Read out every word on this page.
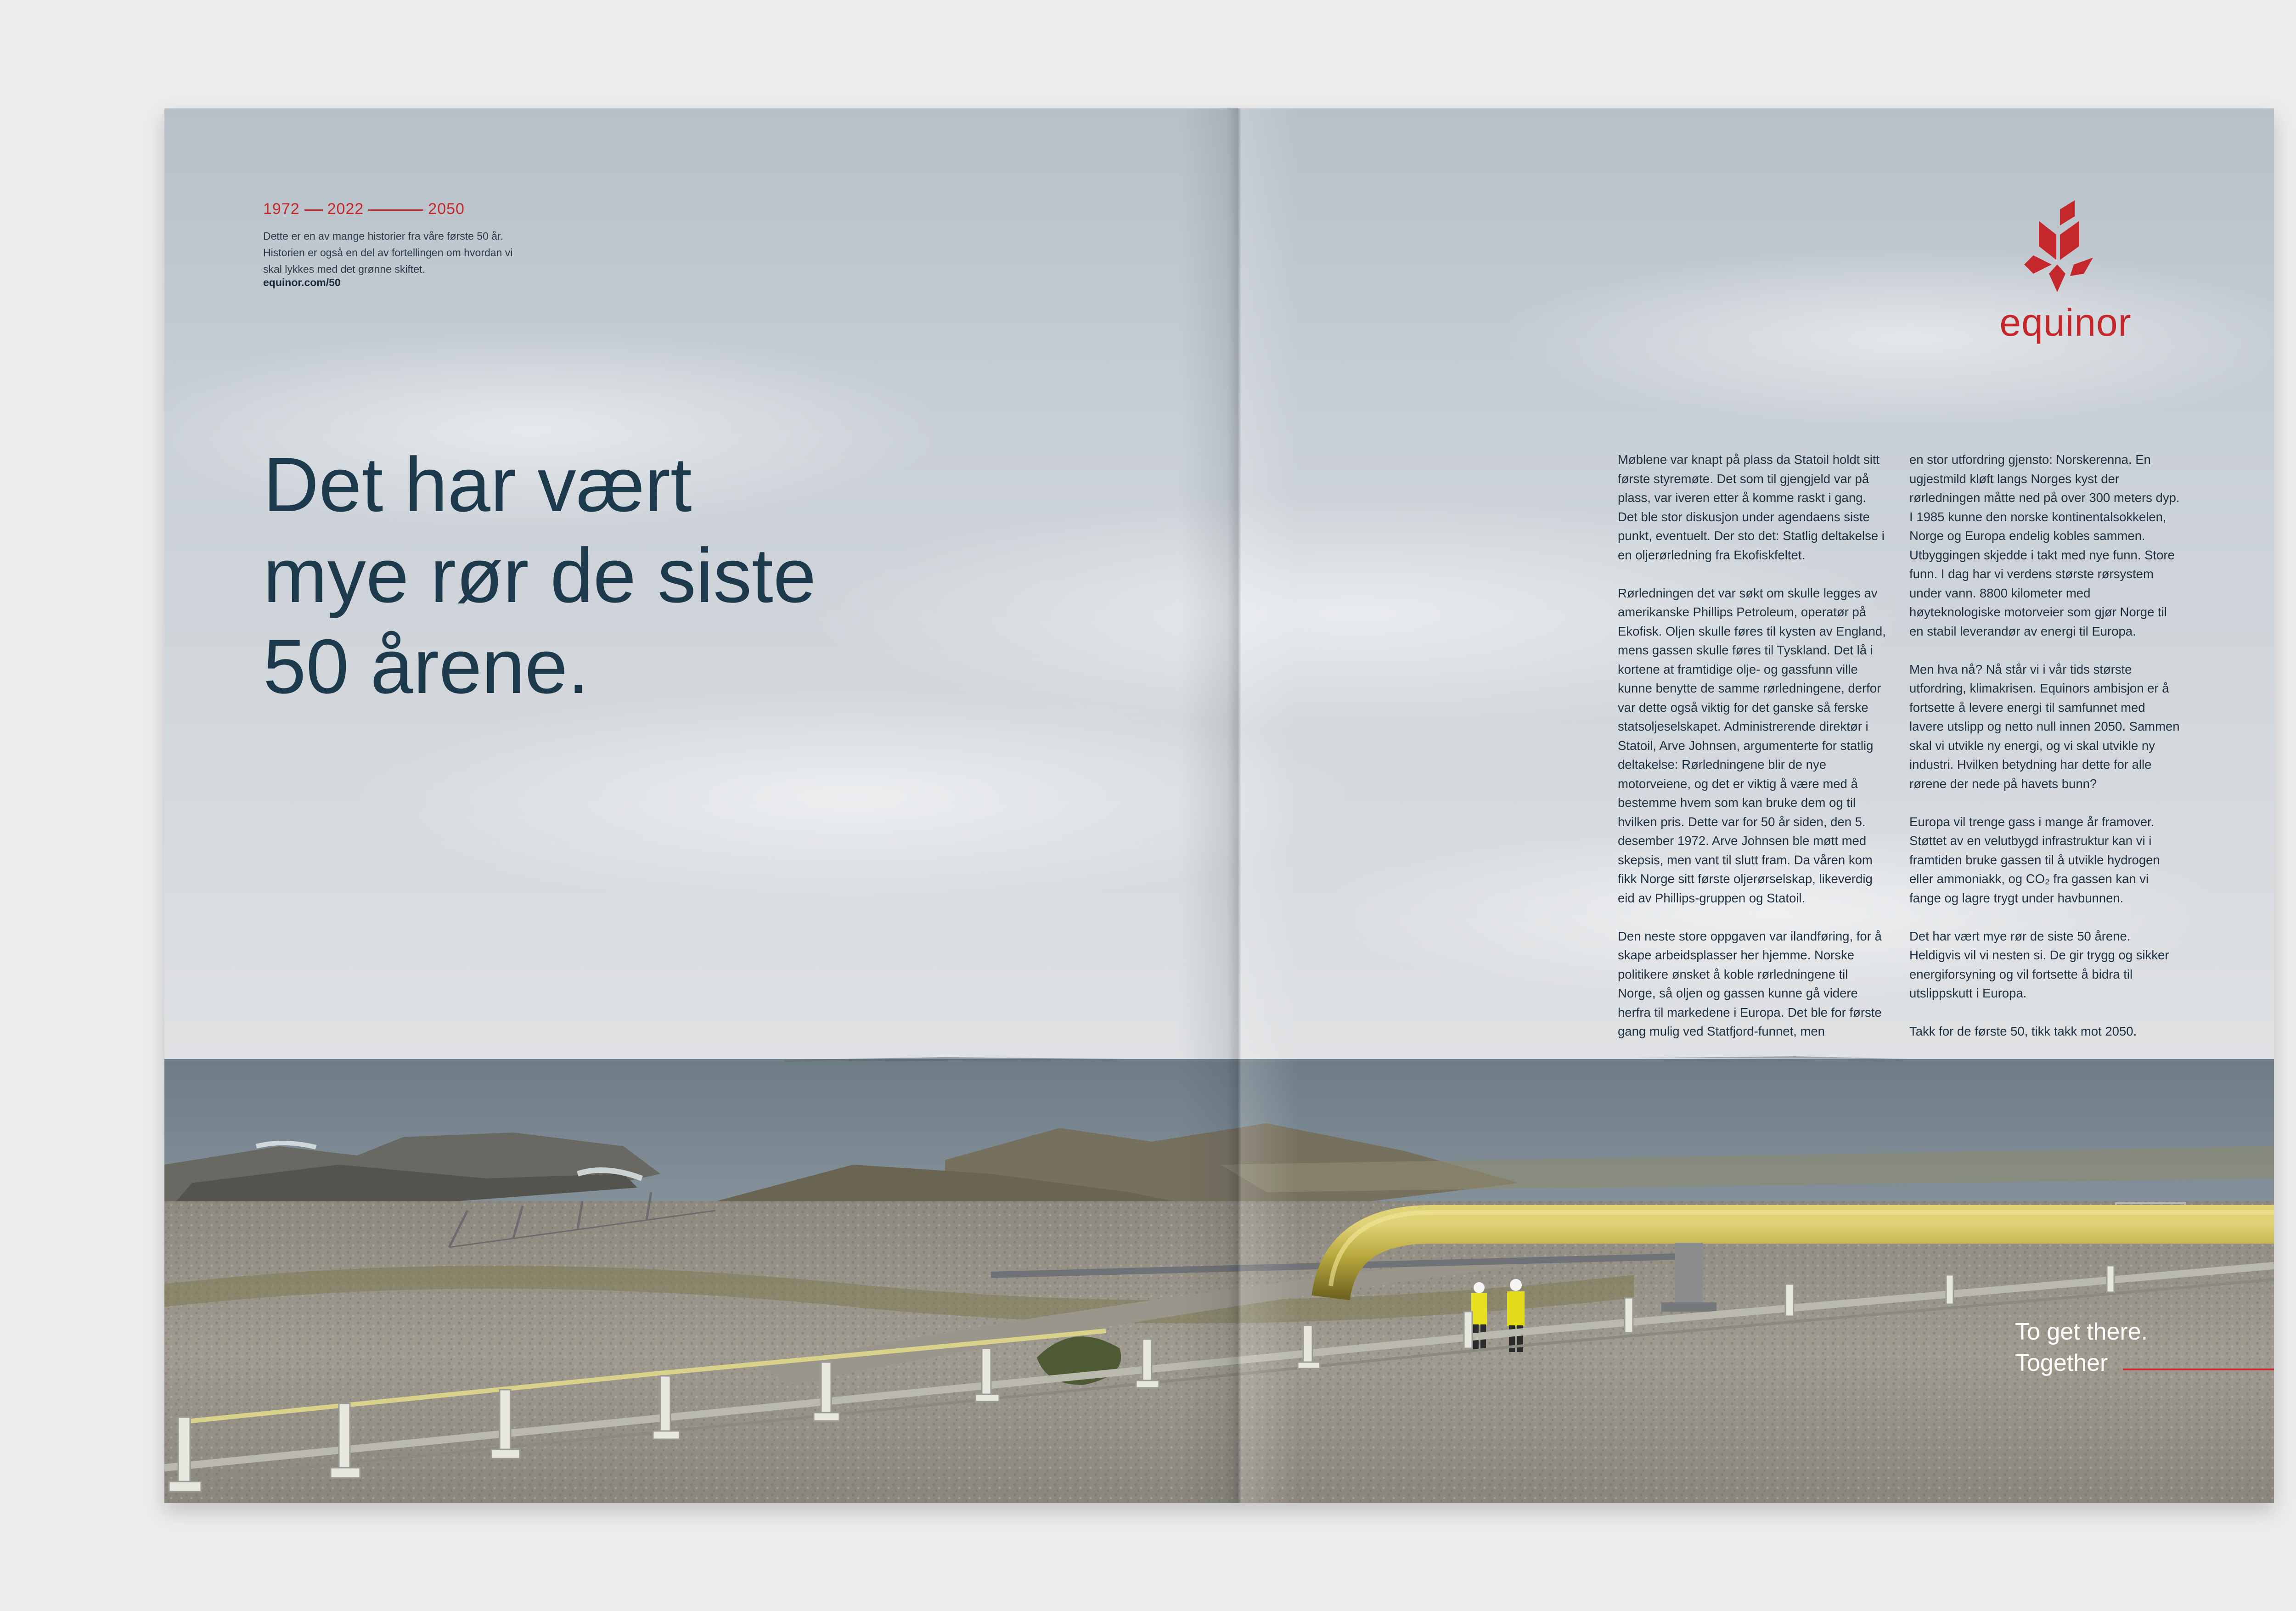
1972 2022	2050
Dette er en av mange historier fra våre første 50 år. Historien er også en del av fortellingen om hvordan vi skal lykkes med det grønne skiftet.
equinor.com/50
Det har vært
mye rør de siste
50 årene.
equinor

Møblene var knapt på plass da Statoil holdt sitt første styremøte. Det som til gjengjeld var på plass, var iveren etter å komme raskt i gang. Det ble stor diskusjon under agendaens siste punkt, eventuelt. Der sto det: Statlig deltakelse i en oljerørledning fra Ekofiskfeltet.

Rørledningen det var søkt om skulle legges av amerikanske Phillips Petroleum, operatør på Ekofisk. Oljen skulle føres til kysten av England, mens gassen skulle føres til Tyskland. Det lå i kortene at framtidige olje- og gassfunn ville kunne benytte de samme rørledningene, derfor var dette også viktig for det ganske så ferske statsoljeselskapet. Administrerende direktør i Statoil, Arve Johnsen, argumenterte for statlig deltakelse: Rørledningene blir de nye motorveiene, og det er viktig å være med å bestemme hvem som kan bruke dem og til hvilken pris. Dette var for 50 år siden, den 5. desember 1972. Arve Johnsen ble møtt med skepsis, men vant til slutt fram. Da våren kom fikk Norge sitt første oljerørselskap, likeverdig eid av Phillips-gruppen og Statoil.

Den neste store oppgaven var ilandføring, for å skape arbeidsplasser her hjemme. Norske politikere ønsket å koble rørledningene til Norge, så oljen og gassen kunne gå videre herfra til markedene i Europa. Det ble for første gang mulig ved Statfjord-funnet, men

en stor utfordring gjensto: Norskerenna. En ugjestmild kløft langs Norges kyst der rørledningen måtte ned på over 300 meters dyp. I 1985 kunne den norske kontinentalsokkelen, Norge og Europa endelig kobles sammen. Utbyggingen skjedde i takt med nye funn. Store funn. I dag har vi verdens største rørsystem under vann. 8800 kilometer med høyteknologiske motorveier som gjør Norge til en stabil leverandør av energi til Europa.

Men hva nå? Nå står vi i vår tids største utfordring, klimakrisen. Equinors ambisjon er å fortsette å levere energi til samfunnet med lavere utslipp og netto null innen 2050. Sammen skal vi utvikle ny energi, og vi skal utvikle ny industri. Hvilken betydning har dette for alle rørene der nede på havets bunn?

Europa vil trenge gass i mange år framover. Støttet av en velutbygd infrastruktur kan vi i framtiden bruke gassen til å utvikle hydrogen eller ammoniakk, og CO₂ fra gassen kan vi fange og lagre trygt under havbunnen.

Det har vært mye rør de siste 50 årene. Heldigvis vil vi nesten si. De gir trygg og sikker energiforsyning og vil fortsette å bidra til utslippskutt i Europa.

Takk for de første 50, tikk takk mot 2050.

To get there.
Together
